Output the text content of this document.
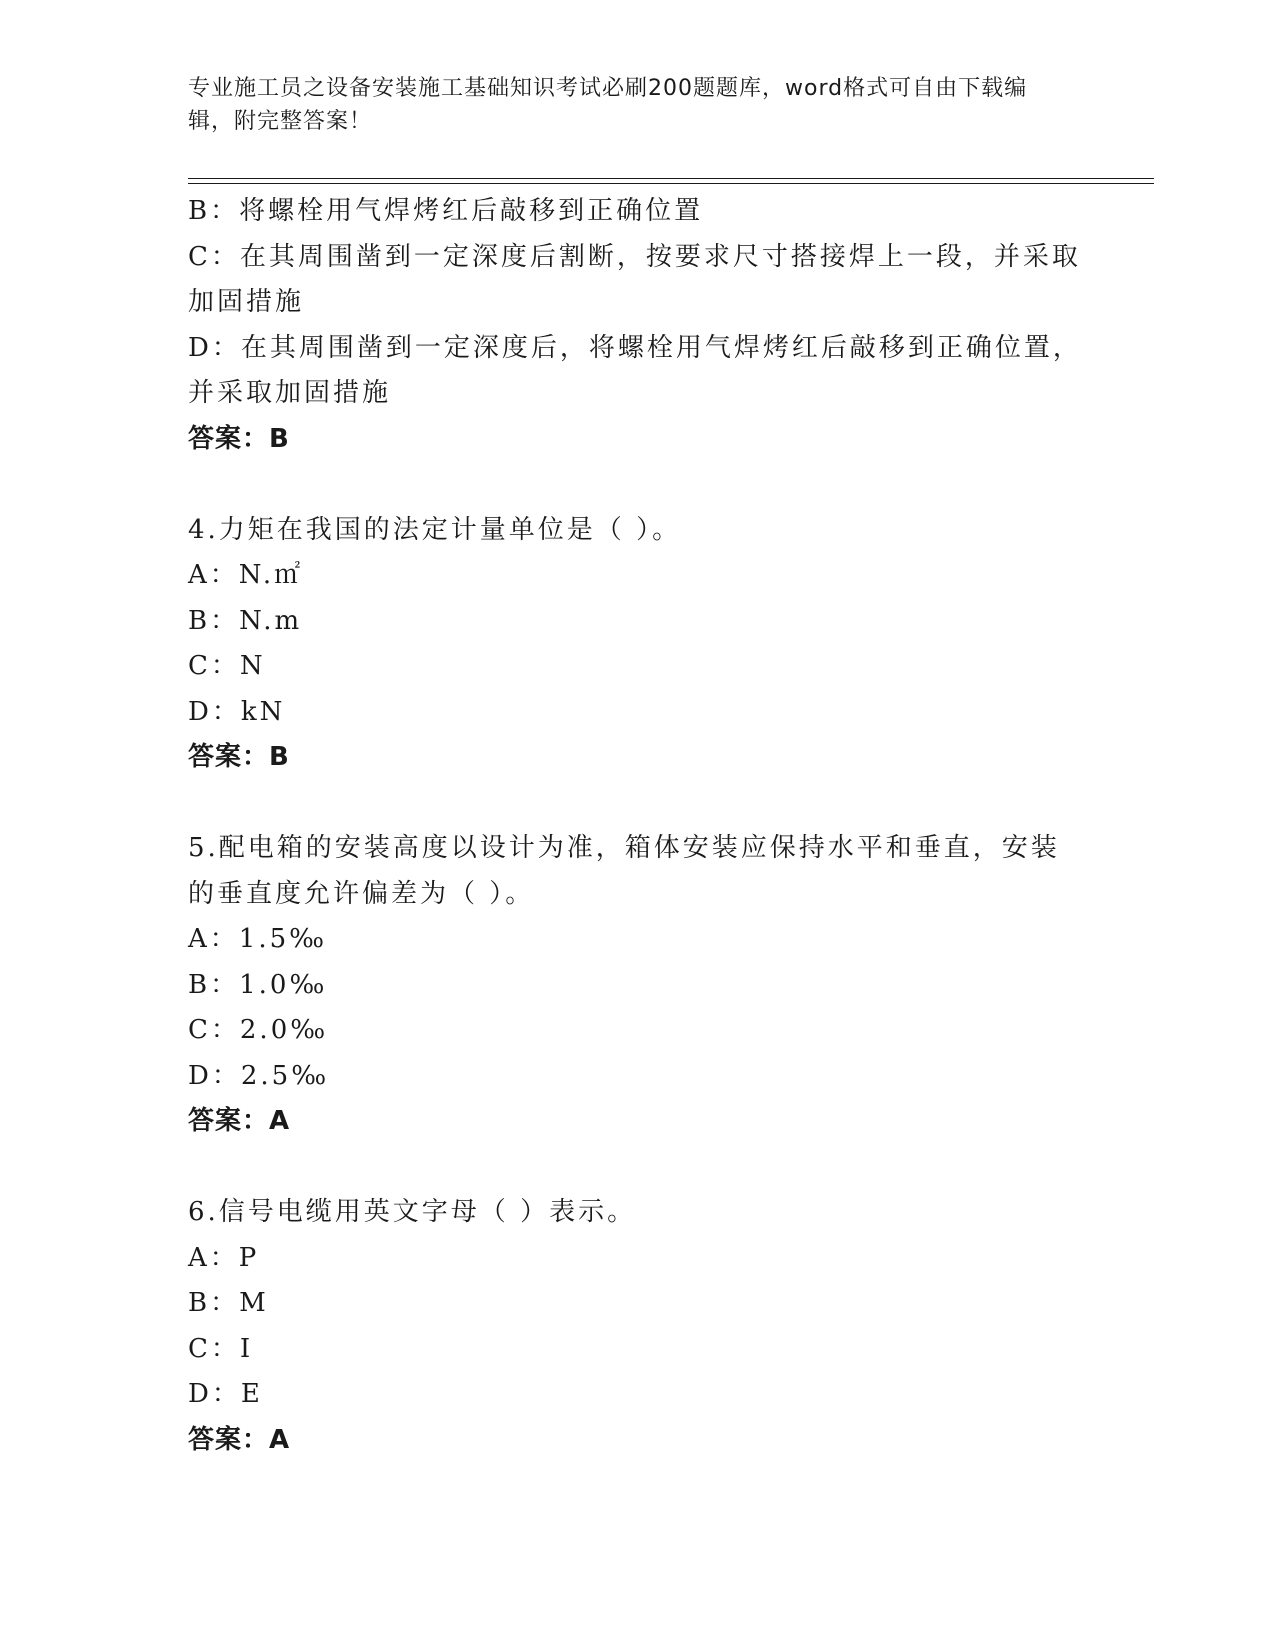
专业施工员之设备安装施工基础知识考试必刷200题题库，word格式可自由下载编辑，附完整答案！
B：将螺栓用气焊烤红后敲移到正确位置
C：在其周围凿到一定深度后割断，按要求尺寸搭接焊上一段，并采取
加固措施
D：在其周围凿到一定深度后，将螺栓用气焊烤红后敲移到正确位置，
并采取加固措施
答案：B
4.力矩在我国的法定计量单位是（ ）。
A：N.㎡
B：N.m
C：N
D：kN
答案：B
5.配电箱的安装高度以设计为准，箱体安装应保持水平和垂直，安装
的垂直度允许偏差为（ ）。
A：1.5‰
B：1.0‰
C：2.0‰
D：2.5‰
答案：A
6.信号电缆用英文字母（ ）表示。
A：P
B：M
C：I
D：E
答案：A
